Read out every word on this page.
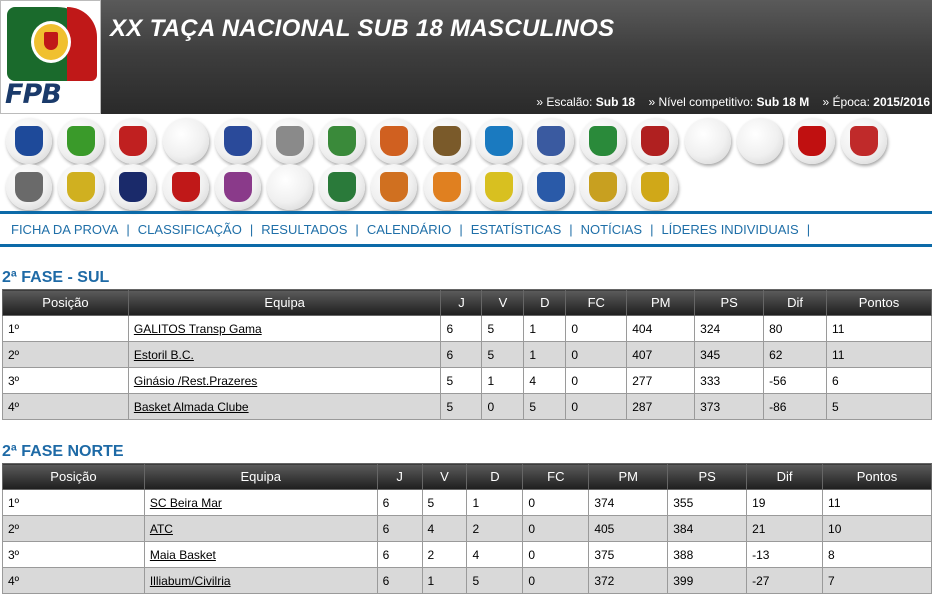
FPB
XX TAÇA NACIONAL SUB 18 MASCULINOS
» Escalão: Sub 18 » Nível competitivo: Sub 18 M » Época: 2015/2016
FICHA DA PROVA | CLASSIFICAÇÃO | RESULTADOS | CALENDÁRIO | ESTATÍSTICAS | NOTÍCIAS | LÍDERES INDIVIDUAIS |
2ª FASE - SUL
Posição	Equipa	J	V	D	FC	PM	PS	Dif	Pontos
1º	GALITOS Transp Gama	6	5	1	0	404	324	80	11
2º	Estoril B.C.	6	5	1	0	407	345	62	11
3º	Ginásio /Rest.Prazeres	5	1	4	0	277	333	-56	6
4º	Basket Almada Clube	5	0	5	0	287	373	-86	5
2ª FASE NORTE
Posição	Equipa	J	V	D	FC	PM	PS	Dif	Pontos
1º	SC Beira Mar	6	5	1	0	374	355	19	11
2º	ATC	6	4	2	0	405	384	21	10
3º	Maia Basket	6	2	4	0	375	388	-13	8
4º	Illiabum/Civilria	6	1	5	0	372	399	-27	7
